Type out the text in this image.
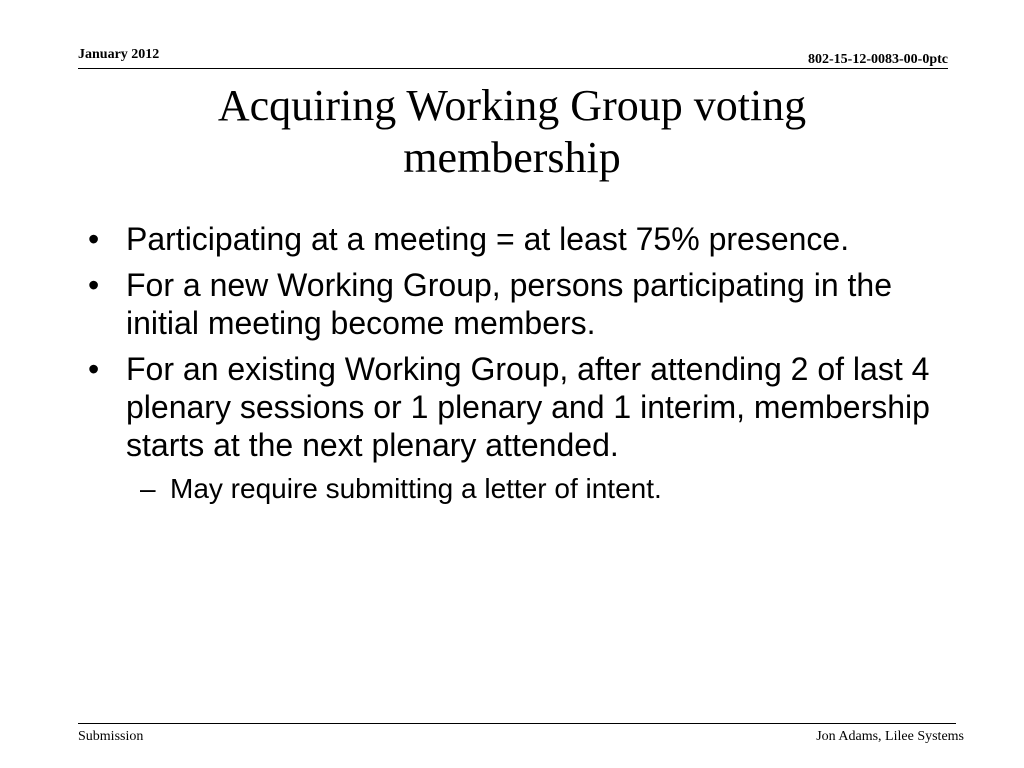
January 2012	802-15-12-0083-00-0ptc
Acquiring Working Group voting
membership
• Participating at a meeting = at least 75% presence.
• For a new Working Group, persons participating in the initial meeting become members.
• For an existing Working Group, after attending 2 of last 4 plenary sessions or 1 plenary and 1 interim, membership starts at the next plenary attended.
– May require submitting a letter of intent.
Submission	Jon Adams, Lilee Systems
